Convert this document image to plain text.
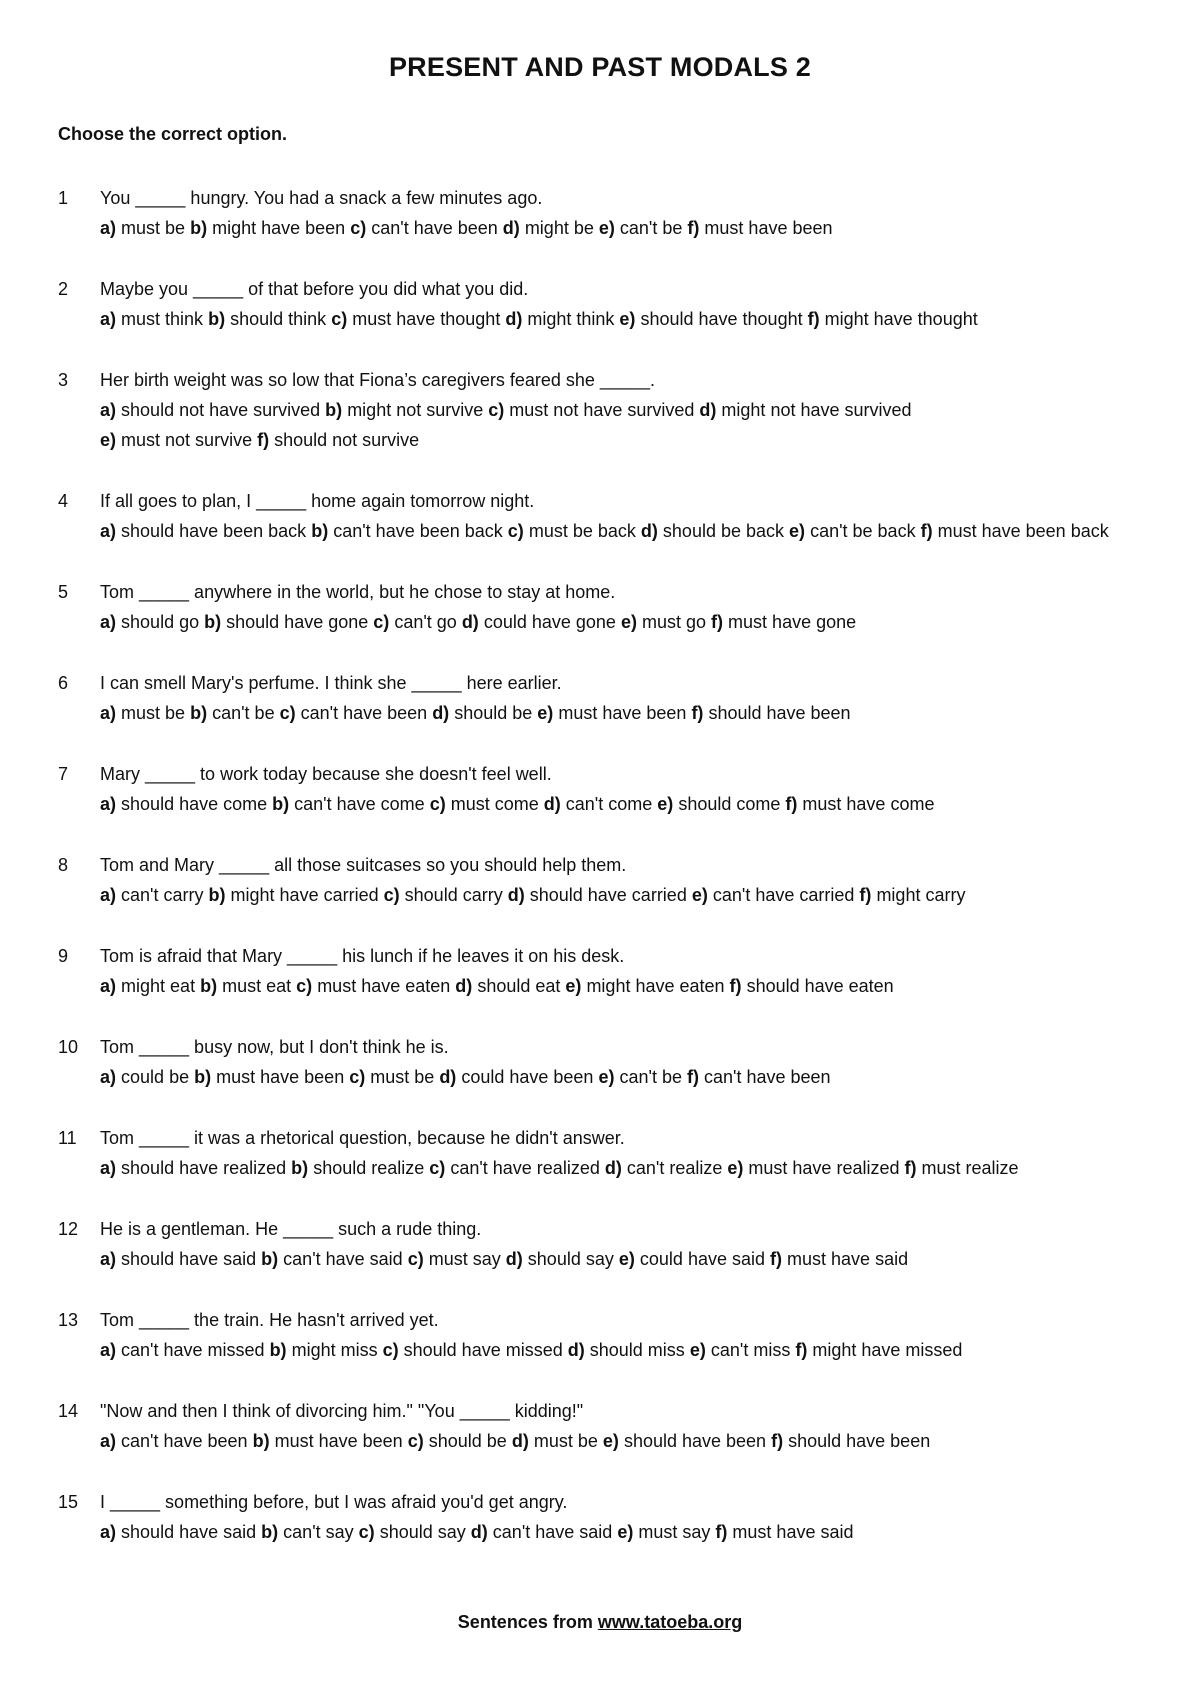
PRESENT AND PAST MODALS 2
Choose the correct option.
1	You _____ hungry. You had a snack a few minutes ago.
a) must be b) might have been c) can't have been d) might be e) can't be f) must have been
2	Maybe you _____ of that before you did what you did.
a) must think b) should think c) must have thought d) might think e) should have thought f) might have thought
3	Her birth weight was so low that Fiona’s caregivers feared she _____.
a) should not have survived b) might not survive c) must not have survived d) might not have survived
e) must not survive f) should not survive
4	If all goes to plan, I _____ home again tomorrow night.
a) should have been back b) can't have been back c) must be back d) should be back e) can't be back f) must have been back
5	Tom _____ anywhere in the world, but he chose to stay at home.
a) should go b) should have gone c) can't go d) could have gone e) must go f) must have gone
6	I can smell Mary's perfume. I think she _____ here earlier.
a) must be b) can't be c) can't have been d) should be e) must have been f) should have been
7	Mary _____ to work today because she doesn't feel well.
a) should have come b) can't have come c) must come d) can't come e) should come f) must have come
8	Tom and Mary _____ all those suitcases so you should help them.
a) can't carry b) might have carried c) should carry d) should have carried e) can't have carried f) might carry
9	Tom is afraid that Mary _____ his lunch if he leaves it on his desk.
a) might eat b) must eat c) must have eaten d) should eat e) might have eaten f) should have eaten
10	Tom _____ busy now, but I don't think he is.
a) could be b) must have been c) must be d) could have been e) can't be f) can't have been
11	Tom _____ it was a rhetorical question, because he didn't answer.
a) should have realized b) should realize c) can't have realized d) can't realize e) must have realized f) must realize
12	He is a gentleman. He _____ such a rude thing.
a) should have said b) can't have said c) must say d) should say e) could have said f) must have said
13	Tom _____ the train. He hasn't arrived yet.
a) can't have missed b) might miss c) should have missed d) should miss e) can't miss f) might have missed
14	"Now and then I think of divorcing him." "You _____ kidding!"
a) can't have been b) must have been c) should be d) must be e) should have been f) should have been
15	I _____ something before, but I was afraid you'd get angry.
a) should have said b) can't say c) should say d) can't have said e) must say f) must have said
Sentences from www.tatoeba.org
